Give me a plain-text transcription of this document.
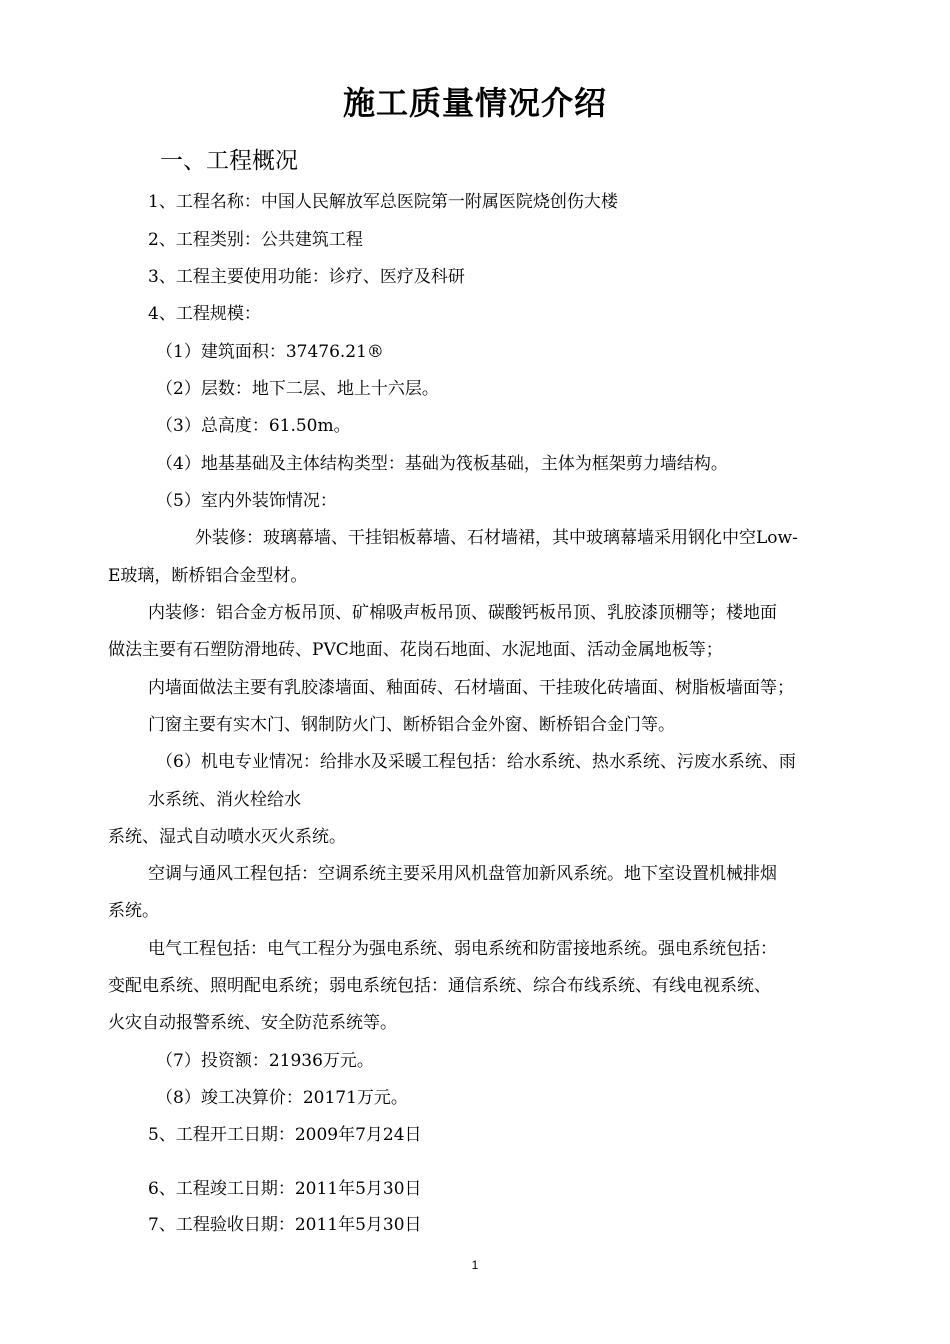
施工质量情况介绍
一、工程概况
1、工程名称：中国人民解放军总医院第一附属医院烧创伤大楼
2、工程类别：公共建筑工程
3、工程主要使用功能：诊疗、医疗及科研
4、工程规模：
（1）建筑面积：37476.21®
（2）层数：地下二层、地上十六层。
（3）总高度：61.50m。
（4）地基基础及主体结构类型：基础为筏板基础，主体为框架剪力墙结构。
（5）室内外装饰情况：
外装修：玻璃幕墙、干挂铝板幕墙、石材墙裙，其中玻璃幕墙采用钢化中空Low-
E玻璃，断桥铝合金型材。
内装修：铝合金方板吊顶、矿棉吸声板吊顶、碳酸钙板吊顶、乳胶漆顶棚等；楼地面
做法主要有石塑防滑地砖、PVC地面、花岗石地面、水泥地面、活动金属地板等；
内墙面做法主要有乳胶漆墙面、釉面砖、石材墙面、干挂玻化砖墙面、树脂板墙面等；
门窗主要有实木门、钢制防火门、断桥铝合金外窗、断桥铝合金门等。
（6）机电专业情况：给排水及采暖工程包括：给水系统、热水系统、污废水系统、雨
水系统、消火栓给水
系统、湿式自动喷水灭火系统。
空调与通风工程包括：空调系统主要采用风机盘管加新风系统。地下室设置机械排烟
系统。
电气工程包括：电气工程分为强电系统、弱电系统和防雷接地系统。强电系统包括：
变配电系统、照明配电系统；弱电系统包括：通信系统、综合布线系统、有线电视系统、
火灾自动报警系统、安全防范系统等。
（7）投资额：21936万元。
（8）竣工决算价：20171万元。
5、工程开工日期：2009年7月24日
6、工程竣工日期：2011年5月30日
7、工程验收日期：2011年5月30日
1
